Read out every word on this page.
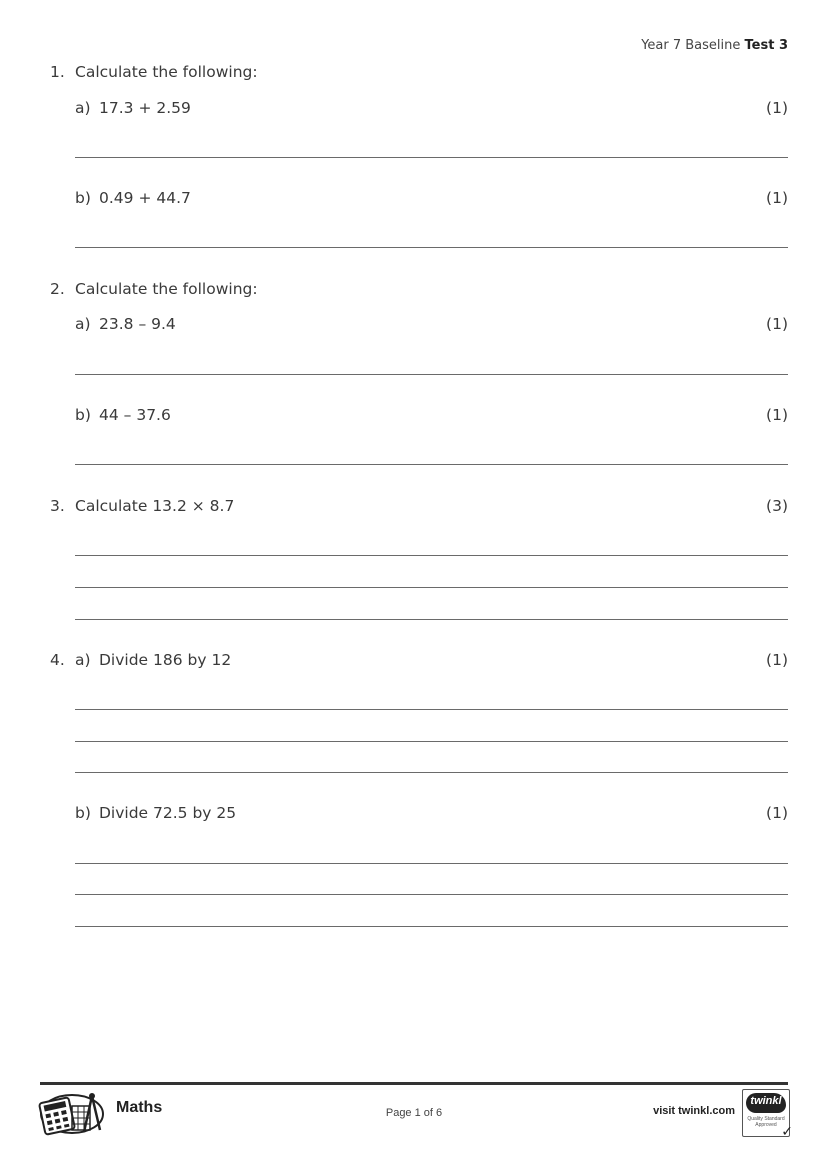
Year 7 Baseline Test 3
1. Calculate the following:
a) 17.3 + 2.59	(1)
b) 0.49 + 44.7	(1)
2. Calculate the following:
a) 23.8 – 9.4	(1)
b) 44 – 37.6	(1)
3. Calculate 13.2 × 8.7	(3)
4. a) Divide 186 by 12	(1)
b) Divide 72.5 by 25	(1)
Maths	Page 1 of 6	visit twinkl.com
twinkl
Quality Standard
Approved ✓
